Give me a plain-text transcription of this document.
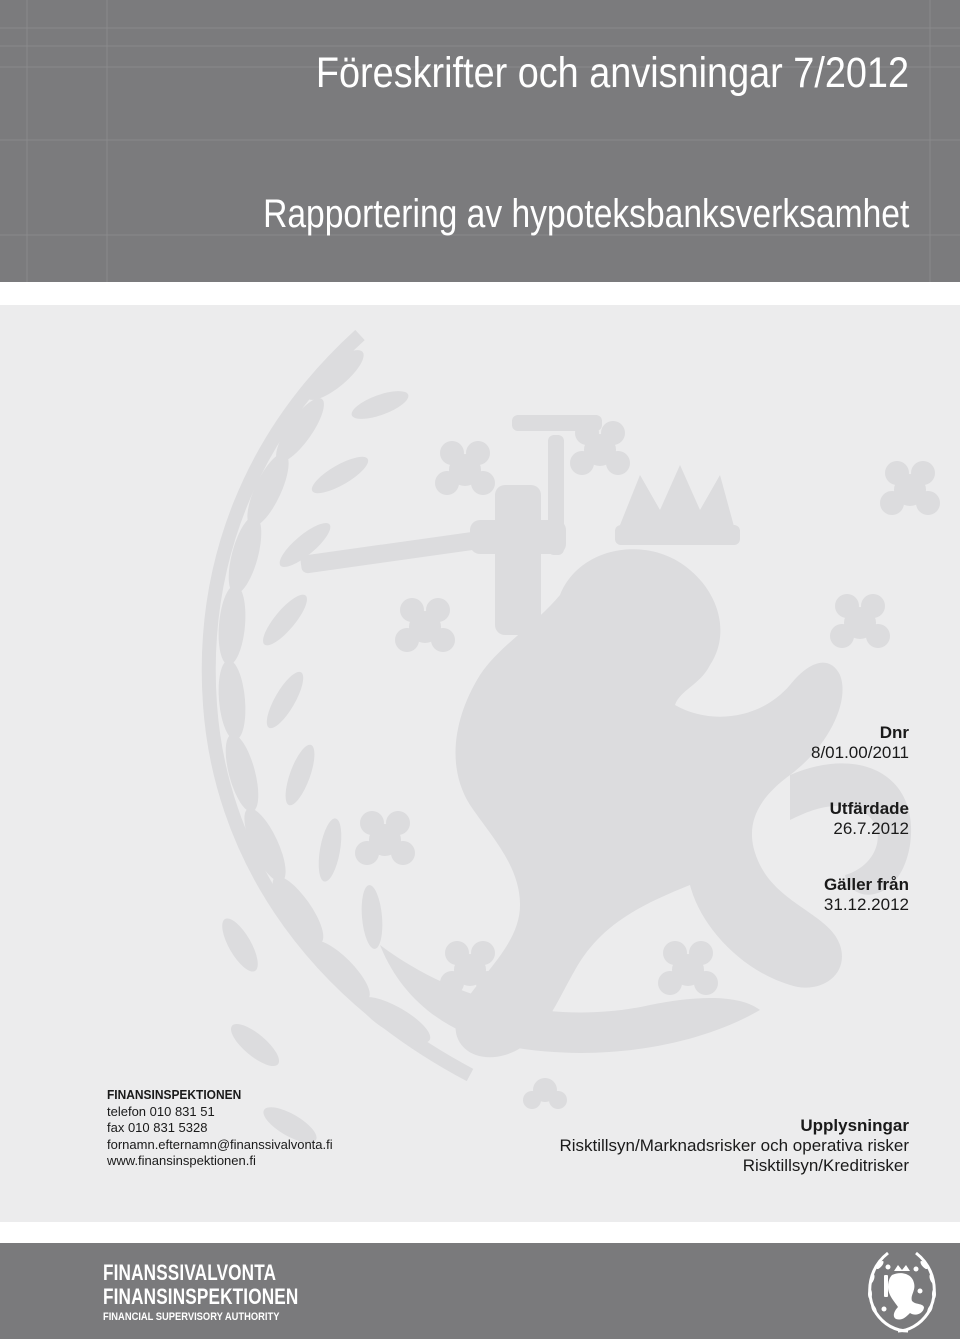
Föreskrifter och anvisningar 7/2012
Rapportering av hypoteksbanksverksamhet
Dnr
8/01.00/2011
Utfärdade
26.7.2012
Gäller från
31.12.2012
FINANSINSPEKTIONEN
telefon 010 831 51
fax 010 831 5328
fornamn.efternamn@finanssivalvonta.fi
www.finansinspektionen.fi
Upplysningar
Risktillsyn/Marknadsrisker och operativa risker
Risktillsyn/Kreditrisker
FINANSSIVALVONTA
FINANSINSPEKTIONEN
FINANCIAL SUPERVISORY AUTHORITY
